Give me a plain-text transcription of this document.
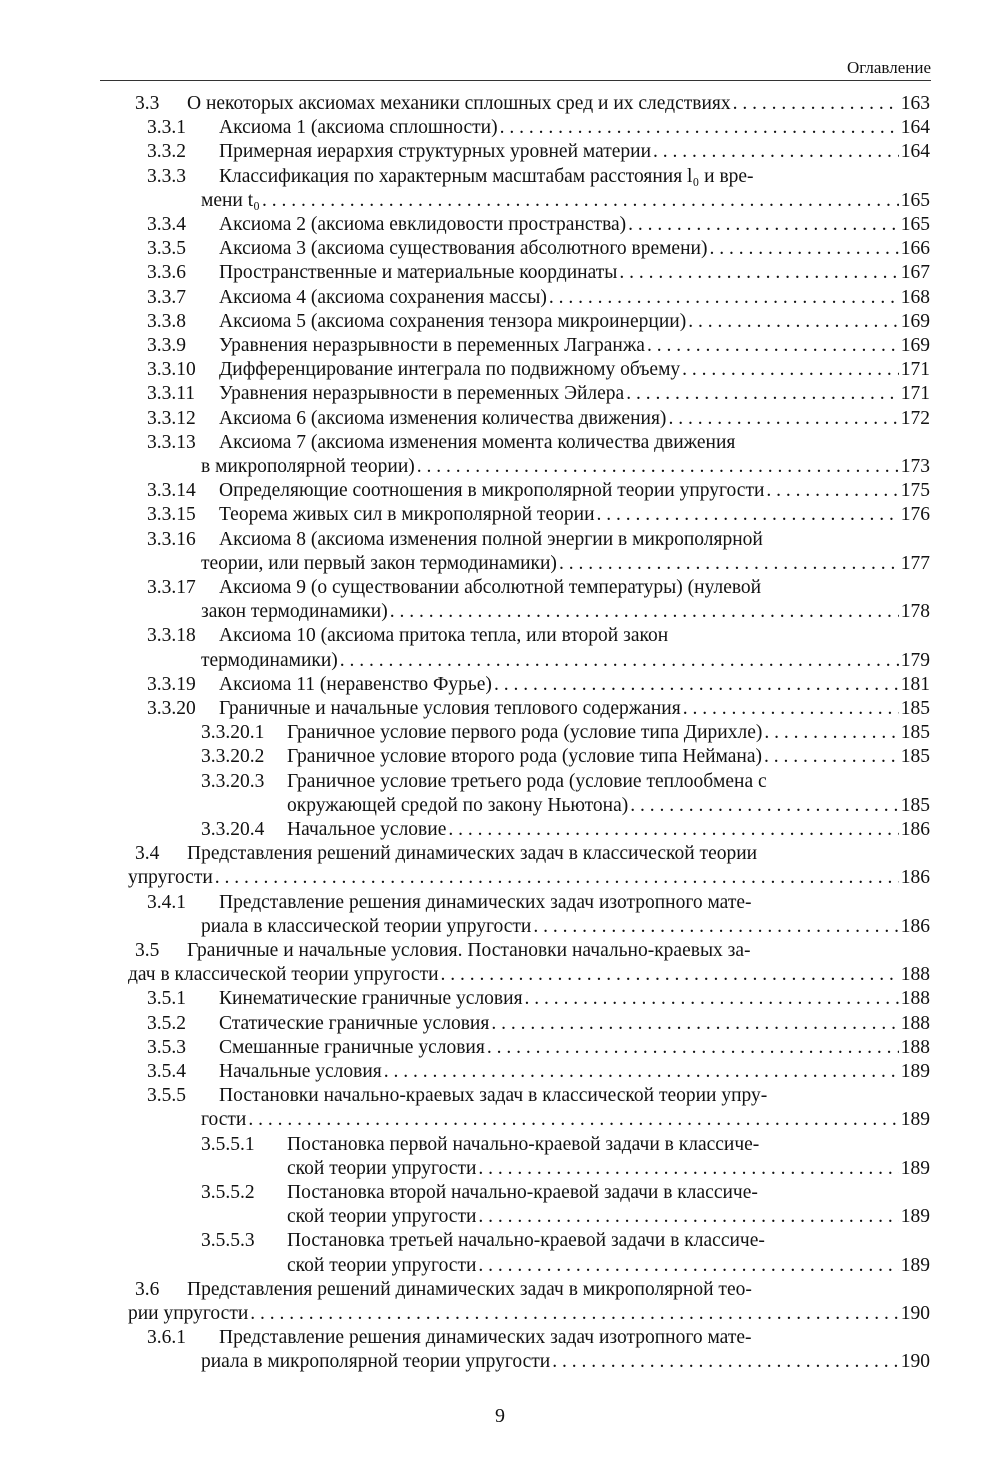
Оглавление
3.3 О некоторых аксиомах механики сплошных сред и их следствиях . . .	163
3.3.1 Аксиома 1 (аксиома сплошности) . . .	164
3.3.2 Примерная иерархия структурных уровней материи . . .	164
3.3.3 Классификация по характерным масштабам расстояния l₀ и вре-
мени t₀ . . .	165
3.3.4 Аксиома 2 (аксиома евклидовости пространства) . . .	165
3.3.5 Аксиома 3 (аксиома существования абсолютного времени) . . .	166
3.3.6 Пространственные и материальные координаты . . .	167
3.3.7 Аксиома 4 (аксиома сохранения массы) . . .	168
3.3.8 Аксиома 5 (аксиома сохранения тензора микроинерции) . . .	169
3.3.9 Уравнения неразрывности в переменных Лагранжа . . .	169
3.3.10 Дифференцирование интеграла по подвижному объему . . .	171
3.3.11 Уравнения неразрывности в переменных Эйлера . . .	171
3.3.12 Аксиома 6 (аксиома изменения количества движения) . . .	172
3.3.13 Аксиома 7 (аксиома изменения момента количества движения
в микрополярной теории) . . .	173
3.3.14 Определяющие соотношения в микрополярной теории упругости . . .	175
3.3.15 Теорема живых сил в микрополярной теории . . .	176
3.3.16 Аксиома 8 (аксиома изменения полной энергии в микрополярной
теории, или первый закон термодинамики) . . .	177
3.3.17 Аксиома 9 (о существовании абсолютной температуры) (нулевой
закон термодинамики) . . .	178
3.3.18 Аксиома 10 (аксиома притока тепла, или второй закон
термодинамики) . . .	179
3.3.19 Аксиома 11 (неравенство Фурье) . . .	181
3.3.20 Граничные и начальные условия теплового содержания . . .	185
3.3.20.1 Граничное условие первого рода (условие типа Дирихле) . . .	185
3.3.20.2 Граничное условие второго рода (условие типа Неймана) . . .	185
3.3.20.3 Граничное условие третьего рода (условие теплообмена с
окружающей средой по закону Ньютона) . . .	185
3.3.20.4 Начальное условие . . .	186
3.4 Представления решений динамических задач в классической теории
упругости . . .	186
3.4.1 Представление решения динамических задач изотропного мате-
риала в классической теории упругости . . .	186
3.5 Граничные и начальные условия. Постановки начально-краевых за-
дач в классической теории упругости . . .	188
3.5.1 Кинематические граничные условия . . .	188
3.5.2 Статические граничные условия . . .	188
3.5.3 Смешанные граничные условия . . .	188
3.5.4 Начальные условия . . .	189
3.5.5 Постановки начально-краевых задач в классической теории упру-
гости . . .	189
3.5.5.1 Постановка первой начально-краевой задачи в классиче-
ской теории упругости . . .	189
3.5.5.2 Постановка второй начально-краевой задачи в классиче-
ской теории упругости . . .	189
3.5.5.3 Постановка третьей начально-краевой задачи в классиче-
ской теории упругости . . .	189
3.6 Представления решений динамических задач в микрополярной тео-
рии упругости . . .	190
3.6.1 Представление решения динамических задач изотропного мате-
риала в микрополярной теории упругости . . .	190
9
